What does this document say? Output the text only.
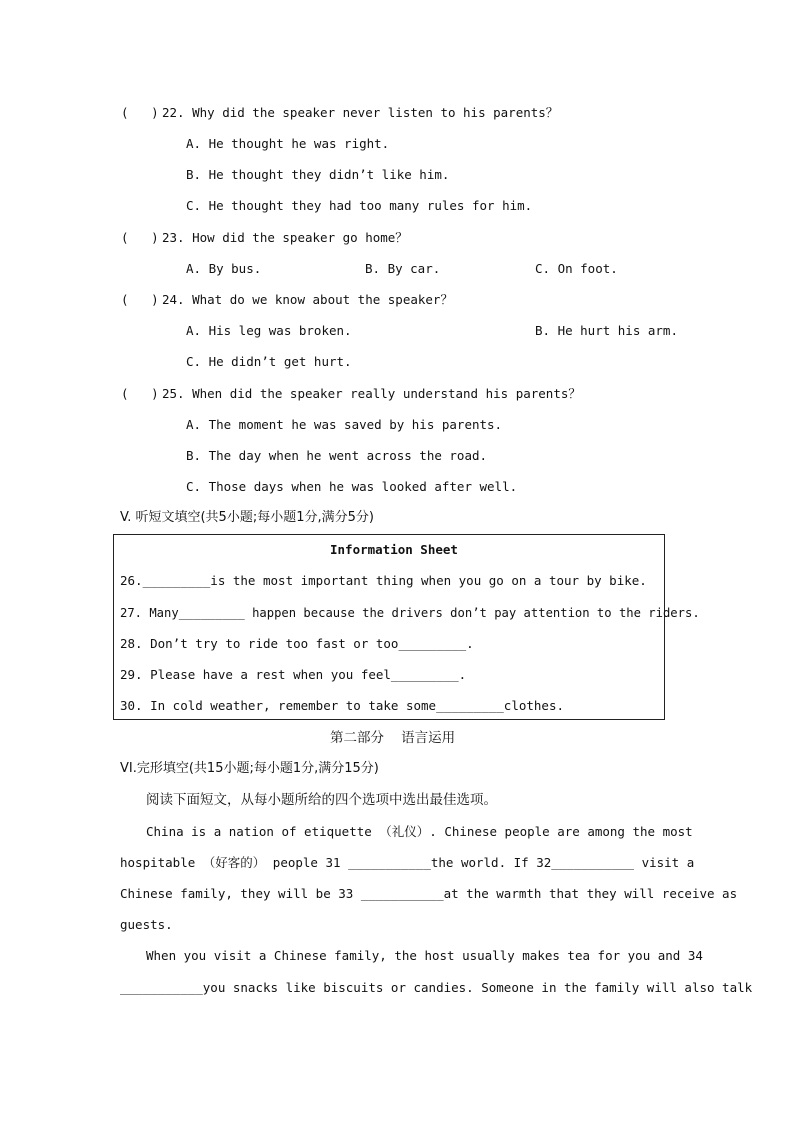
(   ) 22. Why did the speaker never listen to his parents？
A. He thought he was right.
B. He thought they didn’t like him.
C. He thought they had too many rules for him.
(   ) 23. How did the speaker go home？
A. By bus.	B. By car.	C. On foot.
(   ) 24. What do we know about the speaker？
A. His leg was broken.	B. He hurt his arm.
C. He didn’t get hurt.
(   ) 25. When did the speaker really understand his parents？
A. The moment he was saved by his parents.
B. The day when he went across the road.
C. Those days when he was looked after well.
V. 听短文填空(共5小题;每小题1分,满分5分)
Information Sheet
26._________is the most important thing when you go on a tour by bike.
27. Many_________ happen because the drivers don’t pay attention to the riders.
28. Don’t try to ride too fast or too_________.
29. Please have a rest when you feel_________.
30. In cold weather, remember to take some_________clothes.
第二部分    语言运用
VI.完形填空(共15小题;每小题1分,满分15分)
阅读下面短文，从每小题所给的四个选项中选出最佳选项。
China is a nation of etiquette （礼仪）. Chinese people are among the most
hospitable （好客的） people 31 ___________the world. If 32___________ visit a
Chinese family, they will be 33 ___________at the warmth that they will receive as
guests.
When you visit a Chinese family, the host usually makes tea for you and 34
___________you snacks like biscuits or candies. Someone in the family will also talk
